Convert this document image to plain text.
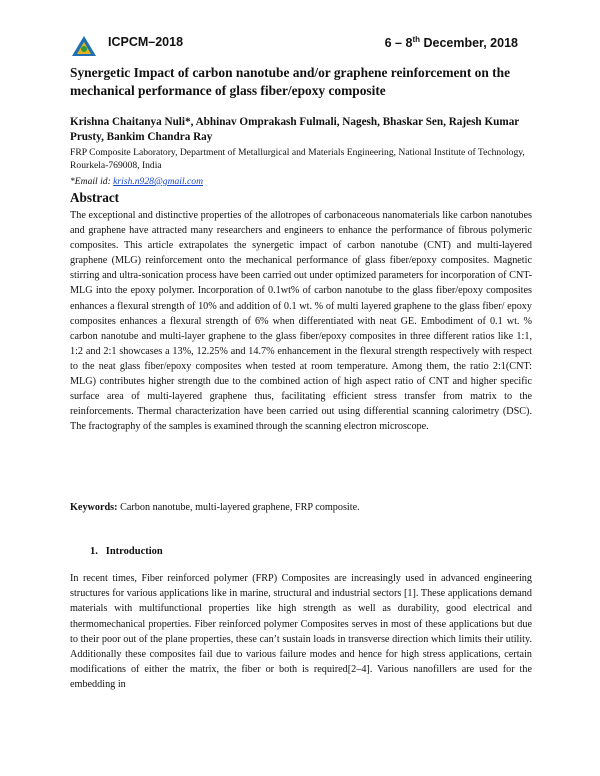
ICPCM–2018	6 – 8th December, 2018
Synergetic Impact of carbon nanotube and/or graphene reinforcement on the mechanical performance of glass fiber/epoxy composite
Krishna Chaitanya Nuli*, Abhinav Omprakash Fulmali, Nagesh, Bhaskar Sen, Rajesh Kumar Prusty, Bankim Chandra Ray
FRP Composite Laboratory, Department of Metallurgical and Materials Engineering, National Institute of Technology, Rourkela-769008, India
*Email id: krish.n928@gmail.com
Abstract

The exceptional and distinctive properties of the allotropes of carbonaceous nanomaterials like carbon nanotubes and graphene have attracted many researchers and engineers to enhance the performance of fibrous polymeric composites. This article extrapolates the synergetic impact of carbon nanotube (CNT) and multi-layered graphene (MLG) reinforcement onto the mechanical performance of glass fiber/epoxy composites. Magnetic stirring and ultra-sonication process have been carried out under optimized parameters for incorporation of CNT-MLG into the epoxy polymer. Incorporation of 0.1wt% of carbon nanotube to the glass fiber/epoxy composites enhances a flexural strength of 10% and addition of 0.1 wt. % of multi layered graphene to the glass fiber/ epoxy composites enhances a flexural strength of 6% when differentiated with neat GE. Embodiment of 0.1 wt. % carbon nanotube and multi-layer graphene to the glass fiber/epoxy composites in three different ratios like 1:1, 1:2 and 2:1 showcases a 13%, 12.25% and 14.7% enhancement in the flexural strength respectively with respect to the neat glass fiber/epoxy composites when tested at room temperature. Among them, the ratio 2:1(CNT: MLG) contributes higher strength due to the combined action of high aspect ratio of CNT and higher specific surface area of multi-layered graphene thus, facilitating efficient stress transfer from matrix to the reinforcements. Thermal characterization have been carried out using differential scanning calorimetry (DSC). The fractography of the samples is examined through the scanning electron microscope.

Keywords: Carbon nanotube, multi-layered graphene, FRP composite.
1.   Introduction

In recent times, Fiber reinforced polymer (FRP) Composites are increasingly used in advanced engineering structures for various applications like in marine, structural and industrial sectors [1]. These applications demand materials with multifunctional properties like high strength as well as durability, good electrical and thermomechanical properties. Fiber reinforced polymer Composites serves in most of these applications but due to their poor out of the plane properties, these can’t sustain loads in transverse direction which limits their utility. Additionally these composites fail due to various failure modes and hence for high stress applications, certain modifications of either the matrix, the fiber or both is required[2–4]. Various nanofillers are used for the embedding in
